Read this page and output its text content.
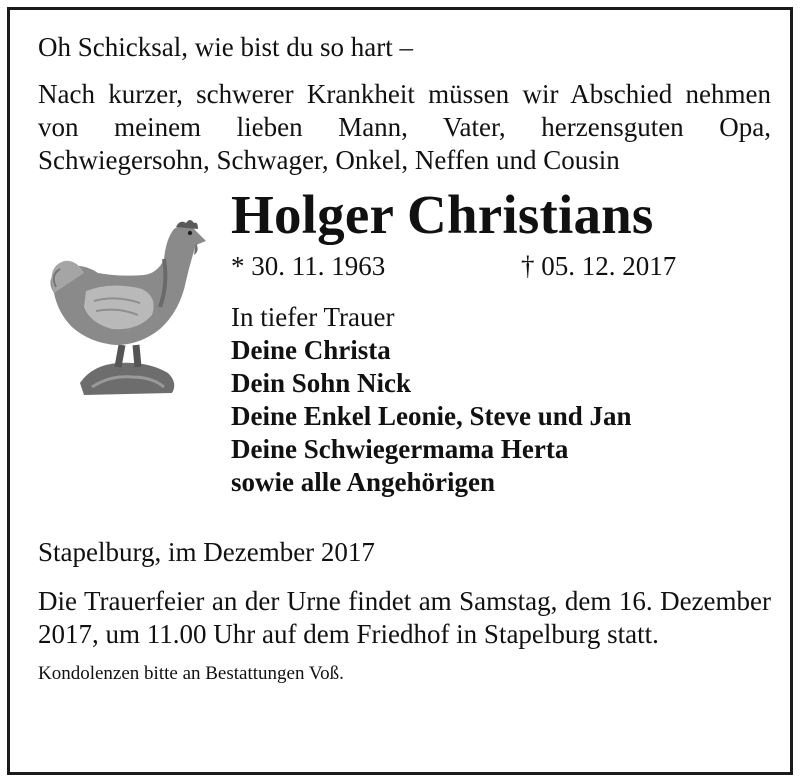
Oh Schicksal, wie bist du so hart –
Nach kurzer, schwerer Krankheit müssen wir Abschied nehmen von meinem lieben Mann, Vater, herzensguten Opa, Schwiegersohn, Schwager, Onkel, Neffen und Cousin
Holger Christians
* 30. 11. 1963	† 05. 12. 2017
In tiefer Trauer
Deine Christa
Dein Sohn Nick
Deine Enkel Leonie, Steve und Jan
Deine Schwiegermama Herta
sowie alle Angehörigen
Stapelburg, im Dezember 2017
Die Trauerfeier an der Urne findet am Samstag, dem 16. Dezember 2017, um 11.00 Uhr auf dem Friedhof in Stapelburg statt.
Kondolenzen bitte an Bestattungen Voß.
